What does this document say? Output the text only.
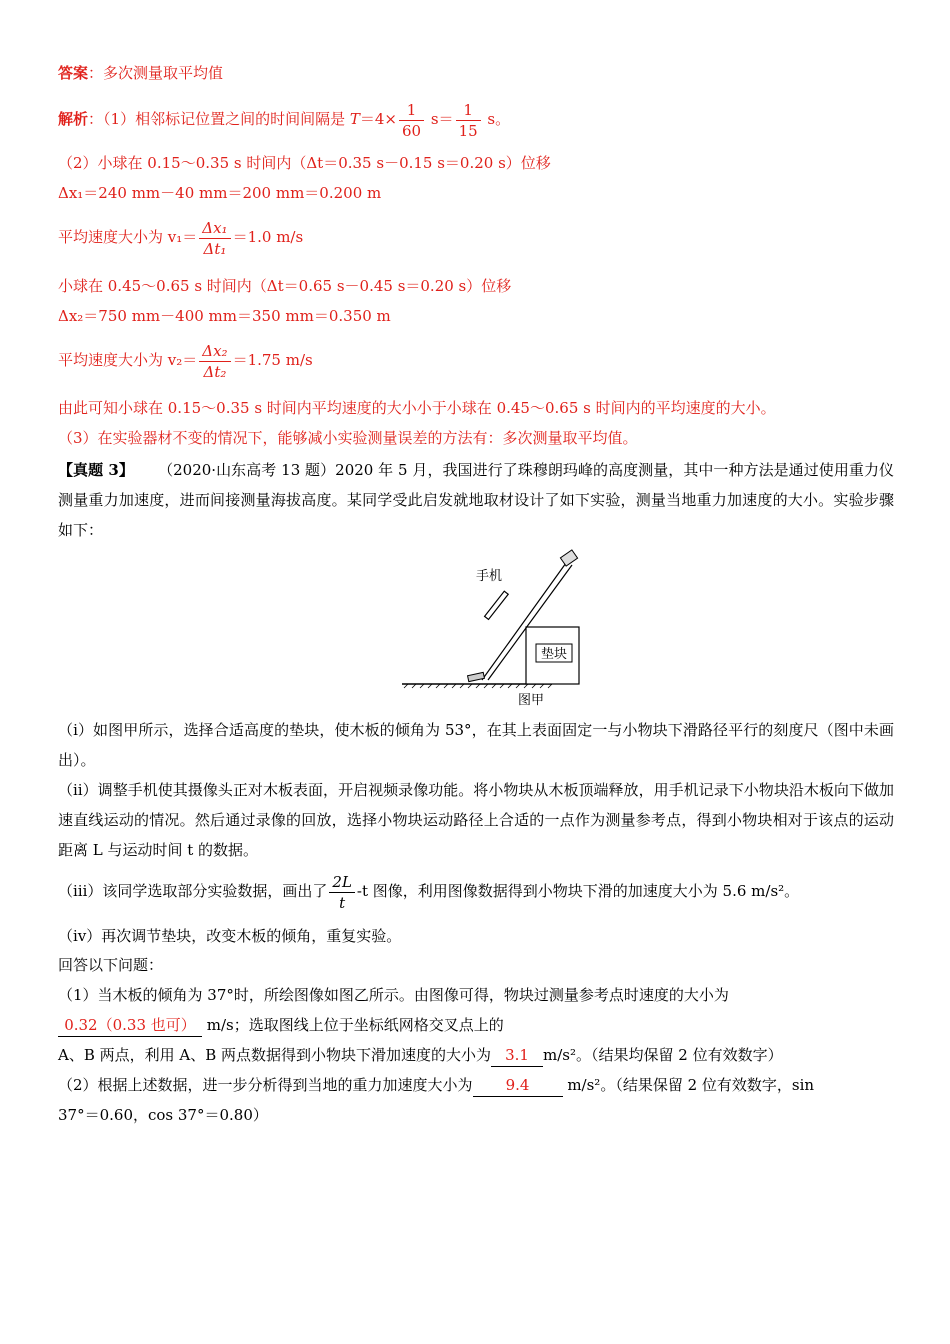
答案：多次测量取平均值
解析：（1）相邻标记位置之间的时间间隔是 $T=4\times \frac{1}{60} s= \frac{1}{15}$ s。
（2）小球在 0.15～0.35 s 时间内（Δt＝0.35 s－0.15 s＝0.20 s）位移
Δx₁＝240 mm－40 mm＝200 mm＝0.200 m
平均速度大小为 $v_1= \frac{\text{Δx₁}}{\text{Δt₁}} =1.0$ m/s
小球在 0.45～0.65 s 时间内（Δt＝0.65 s－0.45 s＝0.20 s）位移
Δx₂＝750 mm－400 mm＝350 mm＝0.350 m
平均速度大小为 $v_2= \frac{\text{Δx₂}}{\text{Δt₂}} =1.75$ m/s
由此可知小球在 0.15～0.35 s 时间内平均速度的大小小于小球在 0.45～0.65 s 时间内的平均速度的大小。
（3）在实验器材不变的情况下，能够减小实验测量误差的方法有：多次测量取平均值。
【真题 3】 （2020·山东高考 13 题）2020 年 5 月，我国进行了珠穆朗玛峰的高度测量，其中一种方法是通过使用重力仪测量重力加速度，进而间接测量海拔高度。某同学受此启发就地取材设计了如下实验，测量当地重力加速度的大小。实验步骤如下：
垫块
手机
图甲
（ⅰ）如图甲所示，选择合适高度的垫块，使木板的倾角为 53°，在其上表面固定一与小物块下滑路径平行的刻度尺（图中未画出）。
（ⅱ）调整手机使其摄像头正对木板表面，开启视频录像功能。将小物块从木板顶端释放，用手机记录下小物块沿木板向下做加速直线运动的情况。然后通过录像的回放，选择小物块运动路径上合适的一点作为测量参考点，得到小物块相对于该点的运动距离 L 与运动时间 t 的数据。
（ⅲ）该同学选取部分实验数据，画出了 $\frac{2L}{t} -t$ 图像，利用图像数据得到小物块下滑的加速度大小为 5.6 m/s²。
（ⅳ）再次调节垫块，改变木板的倾角，重复实验。
回答以下问题：
（1）当木板的倾角为 37°时，所绘图像如图乙所示。由图像可得，物块过测量参考点时速度的大小为
0.32（0.33 也可） m/s；选取图线上位于坐标纸网格交叉点上的
A、B 两点，利用 A、B 两点数据得到小物块下滑加速度的大小为 3.1 m/s²。（结果均保留 2 位有效数字）
（2）根据上述数据，进一步分析得到当地的重力加速度大小为 9.4	m/s²。（结果保留 2 位有效数字，sin
37°＝0.60，cos 37°＝0.80）
